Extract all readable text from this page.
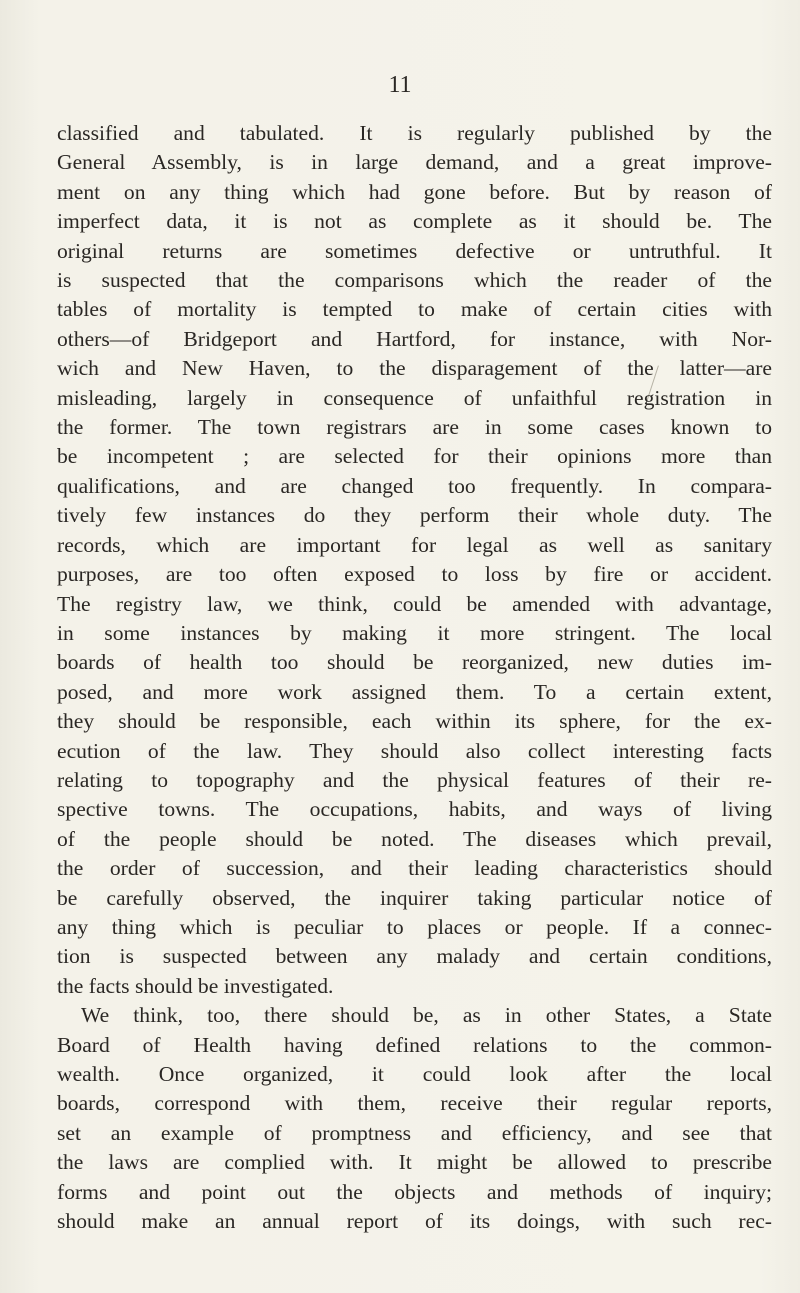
11
classified and tabulated. It is regularly published by the
General Assembly, is in large demand, and a great improve-
ment on any thing which had gone before. But by reason of
imperfect data, it is not as complete as it should be. The
original returns are sometimes defective or untruthful. It
is suspected that the comparisons which the reader of the
tables of mortality is tempted to make of certain cities with
others—of Bridgeport and Hartford, for instance, with Nor-
wich and New Haven, to the disparagement of the latter—are
misleading, largely in consequence of unfaithful registration in
the former. The town registrars are in some cases known to
be incompetent ; are selected for their opinions more than
qualifications, and are changed too frequently. In compara-
tively few instances do they perform their whole duty. The
records, which are important for legal as well as sanitary
purposes, are too often exposed to loss by fire or accident.
The registry law, we think, could be amended with advantage,
in some instances by making it more stringent. The local
boards of health too should be reorganized, new duties im-
posed, and more work assigned them. To a certain extent,
they should be responsible, each within its sphere, for the ex-
ecution of the law. They should also collect interesting facts
relating to topography and the physical features of their re-
spective towns. The occupations, habits, and ways of living
of the people should be noted. The diseases which prevail,
the order of succession, and their leading characteristics should
be carefully observed, the inquirer taking particular notice of
any thing which is peculiar to places or people. If a connec-
tion is suspected between any malady and certain conditions,
the facts should be investigated.
We think, too, there should be, as in other States, a State
Board of Health having defined relations to the common-
wealth. Once organized, it could look after the local
boards, correspond with them, receive their regular reports,
set an example of promptness and efficiency, and see that
the laws are complied with. It might be allowed to prescribe
forms and point out the objects and methods of inquiry;
should make an annual report of its doings, with such rec-
